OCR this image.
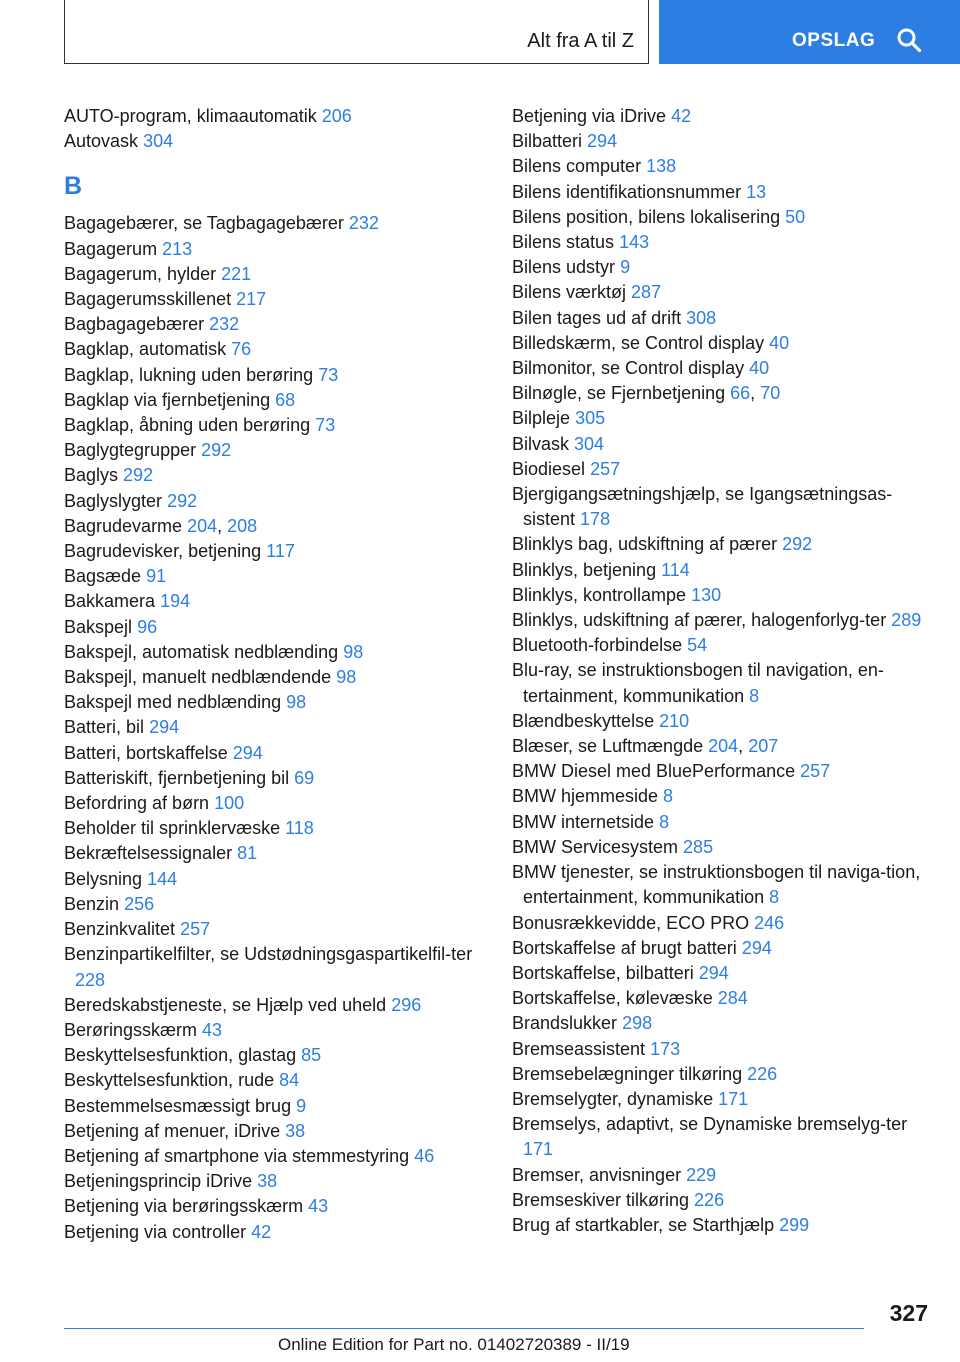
Alt fra A til Z	OPSLAG
AUTO-program, klimaautomatik 206
Autovask 304
B
Bagagebærer, se Tagbagagebærer 232
Bagagerum 213
Bagagerum, hylder 221
Bagagerumsskillenet 217
Bagbagagebærer 232
Bagklap, automatisk 76
Bagklap, lukning uden berøring 73
Bagklap via fjernbetjening 68
Bagklap, åbning uden berøring 73
Baglygtegrupper 292
Baglys 292
Baglyslygter 292
Bagrudevarme 204, 208
Bagrudevisker, betjening 117
Bagsæde 91
Bakkamera 194
Bakspejl 96
Bakspejl, automatisk nedblænding 98
Bakspejl, manuelt nedblændende 98
Bakspejl med nedblænding 98
Batteri, bil 294
Batteri, bortskaffelse 294
Batteriskift, fjernbetjening bil 69
Befordring af børn 100
Beholder til sprinklervæske 118
Bekræftelsessignaler 81
Belysning 144
Benzin 256
Benzinkvalitet 257
Benzinpartikelfilter, se Udstødningsgaspartikelfil-ter 228
Beredskabstjeneste, se Hjælp ved uheld 296
Berøringsskærm 43
Beskyttelsesfunktion, glastag 85
Beskyttelsesfunktion, rude 84
Bestemmelsesmæssigt brug 9
Betjening af menuer, iDrive 38
Betjening af smartphone via stemmestyring 46
Betjeningsprincip iDrive 38
Betjening via berøringsskærm 43
Betjening via controller 42
Betjening via iDrive 42
Bilbatteri 294
Bilens computer 138
Bilens identifikationsnummer 13
Bilens position, bilens lokalisering 50
Bilens status 143
Bilens udstyr 9
Bilens værktøj 287
Bilen tages ud af drift 308
Billedskærm, se Control display 40
Bilmonitor, se Control display 40
Bilnøgle, se Fjernbetjening 66, 70
Bilpleje 305
Bilvask 304
Biodiesel 257
Bjergigangsætningshjælp, se Igangsætningsas-sistent 178
Blinklys bag, udskiftning af pærer 292
Blinklys, betjening 114
Blinklys, kontrollampe 130
Blinklys, udskiftning af pærer, halogenforlyg-ter 289
Bluetooth-forbindelse 54
Blu-ray, se instruktionsbogen til navigation, en-tertainment, kommunikation 8
Blændbeskyttelse 210
Blæser, se Luftmængde 204, 207
BMW Diesel med BluePerformance 257
BMW hjemmeside 8
BMW internetside 8
BMW Servicesystem 285
BMW tjenester, se instruktionsbogen til naviga-tion, entertainment, kommunikation 8
Bonusrækkevidde, ECO PRO 246
Bortskaffelse af brugt batteri 294
Bortskaffelse, bilbatteri 294
Bortskaffelse, kølevæske 284
Brandslukker 298
Bremseassistent 173
Bremsebelægninger tilkøring 226
Bremselygter, dynamiske 171
Bremselys, adaptivt, se Dynamiske bremselyg-ter 171
Bremser, anvisninger 229
Bremseskiver tilkøring 226
Brug af startkabler, se Starthjælp 299
327
Online Edition for Part no. 01402720389 - II/19
